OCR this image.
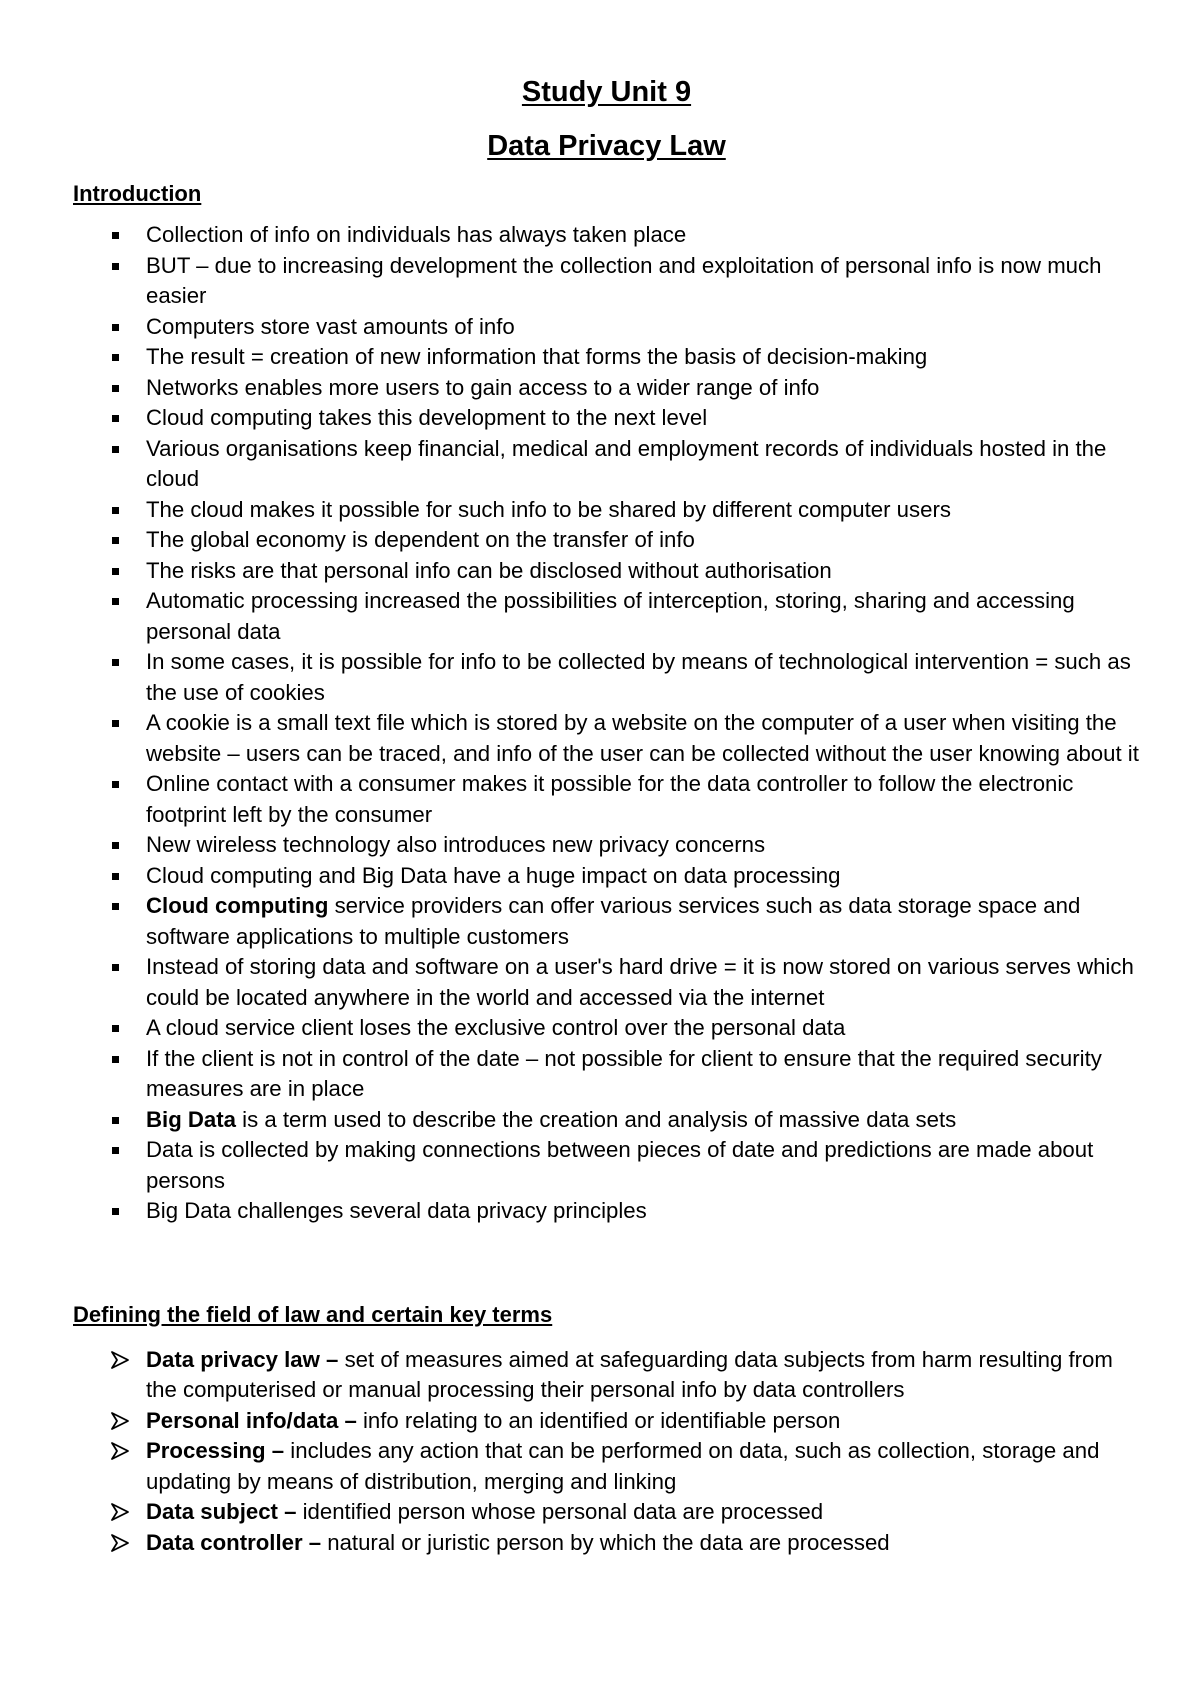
Study Unit 9
Data Privacy Law
Introduction
Collection of info on individuals has always taken place
BUT – due to increasing development the collection and exploitation of personal info is now much easier
Computers store vast amounts of info
The result = creation of new information that forms the basis of decision-making
Networks enables more users to gain access to a wider range of info
Cloud computing takes this development to the next level
Various organisations keep financial, medical and employment records of individuals hosted in the cloud
The cloud makes it possible for such info to be shared by different computer users
The global economy is dependent on the transfer of info
The risks are that personal info can be disclosed without authorisation
Automatic processing increased the possibilities of interception, storing, sharing and accessing personal data
In some cases, it is possible for info to be collected by means of technological intervention = such as the use of cookies
A cookie is a small text file which is stored by a website on the computer of a user when visiting the website – users can be traced, and info of the user can be collected without the user knowing about it
Online contact with a consumer makes it possible for the data controller to follow the electronic footprint left by the consumer
New wireless technology also introduces new privacy concerns
Cloud computing and Big Data have a huge impact on data processing
Cloud computing service providers can offer various services such as data storage space and software applications to multiple customers
Instead of storing data and software on a user's hard drive = it is now stored on various serves which could be located anywhere in the world and accessed via the internet
A cloud service client loses the exclusive control over the personal data
If the client is not in control of the date – not possible for client to ensure that the required security measures are in place
Big Data is a term used to describe the creation and analysis of massive data sets
Data is collected by making connections between pieces of date and predictions are made about persons
Big Data challenges several data privacy principles
Defining the field of law and certain key terms
Data privacy law – set of measures aimed at safeguarding data subjects from harm resulting from the computerised or manual processing their personal info by data controllers
Personal info/data – info relating to an identified or identifiable person
Processing – includes any action that can be performed on data, such as collection, storage and updating by means of distribution, merging and linking
Data subject – identified person whose personal data are processed
Data controller – natural or juristic person by which the data are processed
